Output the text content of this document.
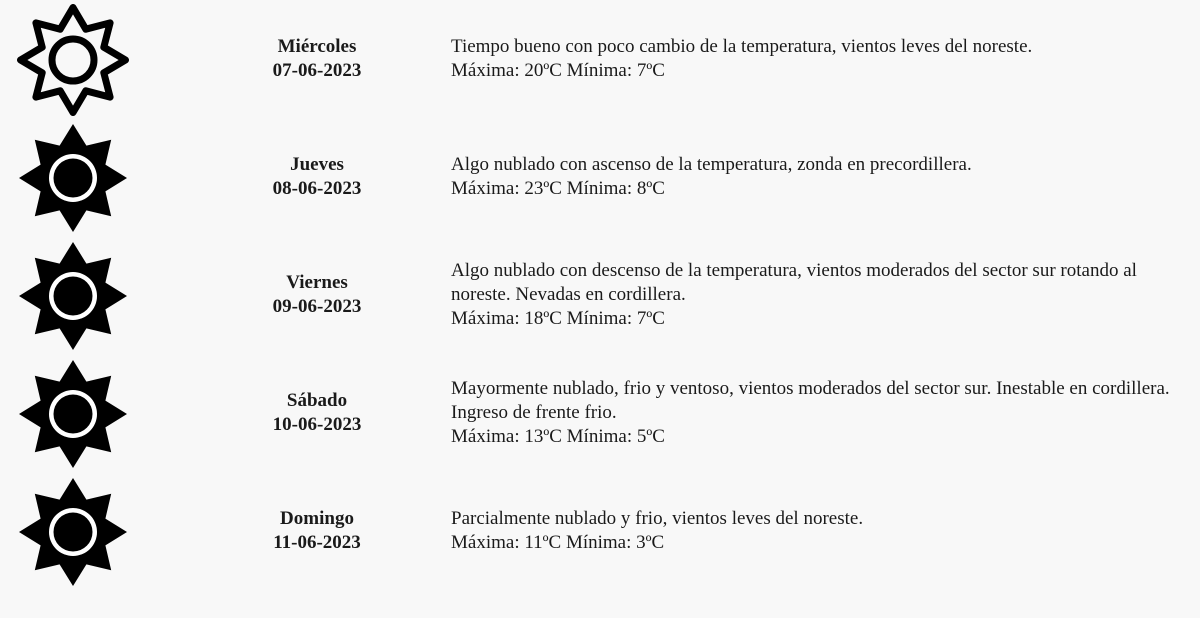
Miércoles
07-06-2023
Tiempo bueno con poco cambio de la temperatura, vientos leves del noreste.
Máxima: 20ºC Mínima: 7ºC
Jueves
08-06-2023
Algo nublado con ascenso de la temperatura, zonda en precordillera.
Máxima: 23ºC Mínima: 8ºC
Viernes
09-06-2023
Algo nublado con descenso de la temperatura, vientos moderados del sector sur rotando al noreste. Nevadas en cordillera.
Máxima: 18ºC Mínima: 7ºC
Sábado
10-06-2023
Mayormente nublado, frio y ventoso, vientos moderados del sector sur. Inestable en cordillera. Ingreso de frente frio.
Máxima: 13ºC Mínima: 5ºC
Domingo
11-06-2023
Parcialmente nublado y frio, vientos leves del noreste.
Máxima: 11ºC Mínima: 3ºC
